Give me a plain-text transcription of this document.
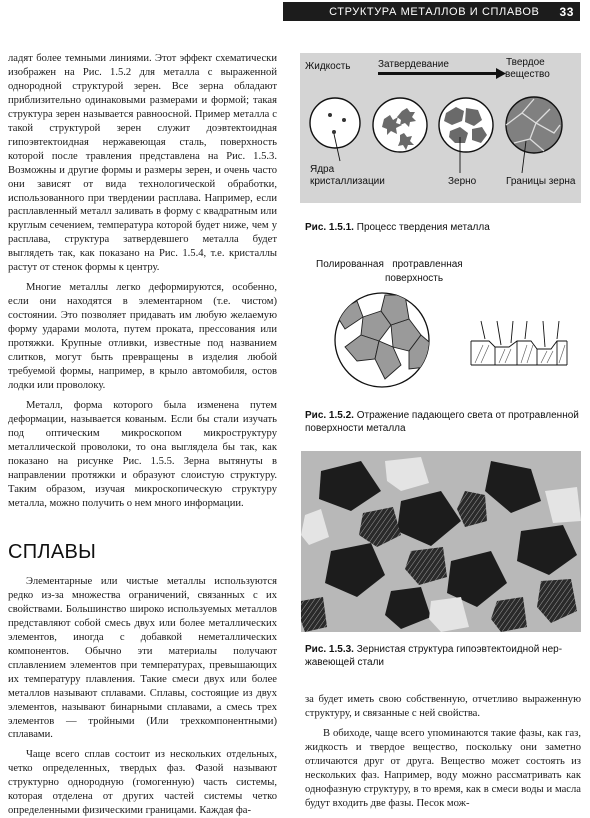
СТРУКТУРА МЕТАЛЛОВ И СПЛАВОВ 33

ладят более темными линиями. Этот эффект схематически изображен на Рис. 1.5.2 для металла с выраженной однородной структурой зерен. Все зерна обладают приблизительно одинаковыми размерами и формой; такая структура зерен называется равноосной. Пример металла с такой структурой зерен служит доэвтектоидная гипоэвтектоидная нержавеющая сталь, поверхность которой после травления представлена на Рис. 1.5.3. Возможны и другие формы и размеры зерен, и очень часто они зависят от вида технологической обработки, использованного при твердении расплава. Например, если расплавленный металл заливать в форму с квадратным или круглым сечением, температура которой будет ниже, чем у расплава, структура затвердевшего металла будет выглядеть так, как показано на Рис. 1.5.4, т.е. кристаллы растут от стенок формы к центру.

Многие металлы легко деформируются, особенно, если они находятся в элементарном (т.е. чистом) состоянии. Это позволяет придавать им любую желаемую форму ударами молота, путем проката, прессования или протяжки. Крупные отливки, известные под названием слитков, могут быть превращены в изделия любой требуемой формы, например, в крыло автомобиля, остов лодки или проволоку.

Металл, форма которого была изменена путем деформации, называется кованым. Если бы стали изучать под оптическим микроскопом микроструктуру металлической проволоки, то она выглядела бы так, как показано на рисунке Рис. 1.5.5. Зерна вытянуты в направлении протяжки и образуют слоистую структуру. Таким образом, изучая микроскопическую структуру металла, можно получить о нем много информации.

СПЛАВЫ

Элементарные или чистые металлы используются редко из-за множества ограничений, связанных с их свойствами. Большинство широко используемых металлов представляют собой смесь двух или более металлических элементов, иногда с добавкой неметаллических компонентов. Обычно эти материалы получают сплавлением элементов при температурах, превышающих их температуру плавления. Такие смеси двух или более металлов называют сплавами. Сплавы, состоящие из двух элементов, называют бинарными сплавами, а смесь трех элементов — тройными (Или трехкомпонентными) сплавами.

Чаще всего сплав состоит из нескольких отдельных, четко определенных, твердых фаз. Фазой называют структурно однородную (гомогенную) часть системы, которая отделена от других частей системы четко определенными физическими границами. Каждая фа-

Жидкость	Затвердевание	Твердое
вещество
Ядра
кристаллизации	Зерно	Границы зерна
Рис. 1.5.1. Процесс твердения металла
Полированная   протравленная
поверхность
Рис. 1.5.2. Отражение падающего света от протравленной
поверхности металла
Рис. 1.5.3. Зернистая структура гипоэвтектоидной нер-
жавеющей стали

за будет иметь свою собственную, отчетливо выраженную структуру, и связанные с ней свойства.

В обиходе, чаще всего упоминаются такие фазы, как газ, жидкость и твердое вещество, поскольку они заметно отличаются друг от друга. Вещество может состоять из нескольких фаз. Например, воду можно рассматривать как однофазную структуру, в то время, как в смеси воды и масла будут входить две фазы. Песок мож-
